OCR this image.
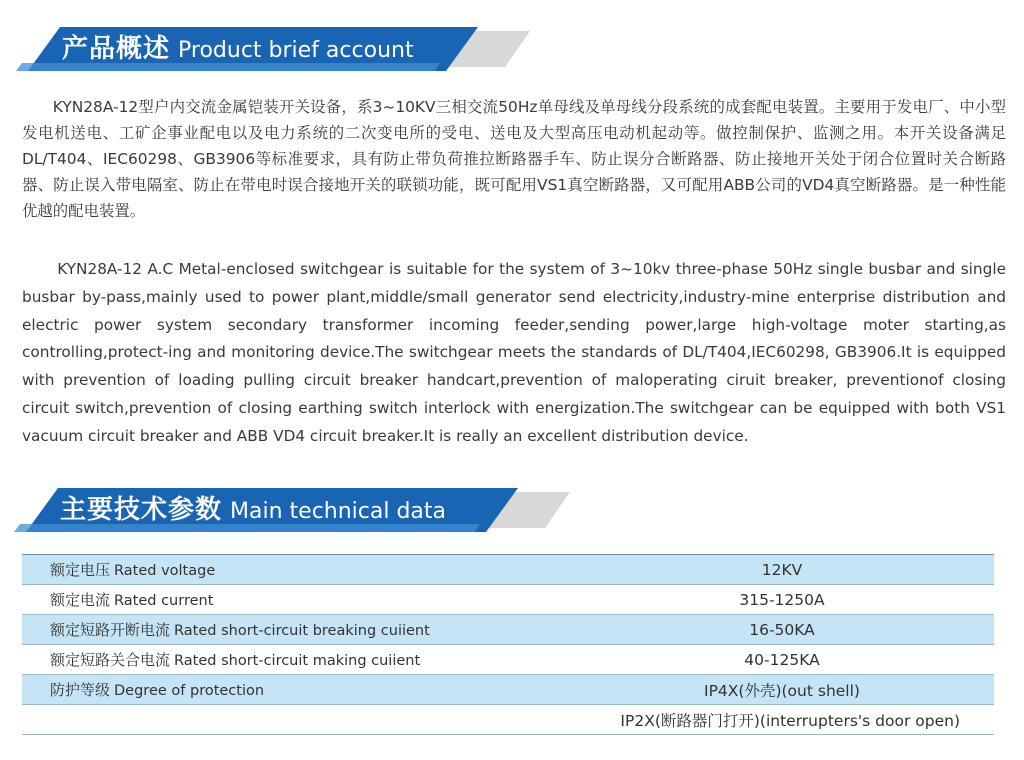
产品概述 Product brief account

KYN28A-12型户内交流金属铠装开关设备，系3~10KV三相交流50Hz单母线及单母线分段系统的成套配电装置。主要用于发电厂、中小型发电机送电、工矿企事业配电以及电力系统的二次变电所的受电、送电及大型高压电动机起动等。做控制保护、监测之用。本开关设备满足DL/T404、IEC60298、GB3906等标准要求，具有防止带负荷推拉断路器手车、防止误分合断路器、防止接地开关处于闭合位置时关合断路器、防止误入带电隔室、防止在带电时误合接地开关的联锁功能，既可配用VS1真空断路器，又可配用ABB公司的VD4真空断路器。是一种性能优越的配电装置。

KYN28A-12 A.C Metal-enclosed switchgear is suitable for the system of 3~10kv three-phase 50Hz single busbar and single busbar by-pass,mainly used to power plant,middle/small generator send electricity,industry-mine enterprise distribution and electric power system secondary transformer incoming feeder,sending power,large high-voltage moter starting,as controlling,protect-ing and monitoring device.The switchgear meets the standards of DL/T404,IEC60298, GB3906.It is equipped with prevention of loading pulling circuit breaker handcart,prevention of maloperating ciruit breaker, preventionof closing circuit switch,prevention of closing earthing switch interlock with energization.The switchgear can be equipped with both VS1 vacuum circuit breaker and ABB VD4 circuit breaker.It is really an excellent distribution device.

主要技术参数 Main technical data
额定电压 Rated voltage	12KV
额定电流 Rated current	315-1250A
额定短路开断电流 Rated short-circuit breaking cuiient	16-50KA
额定短路关合电流 Rated short-circuit making cuiient	40-125KA
防护等级 Degree of protection	IP4X(外壳)(out shell)
	IP2X(断路器门打开)(interrupters's door open)
